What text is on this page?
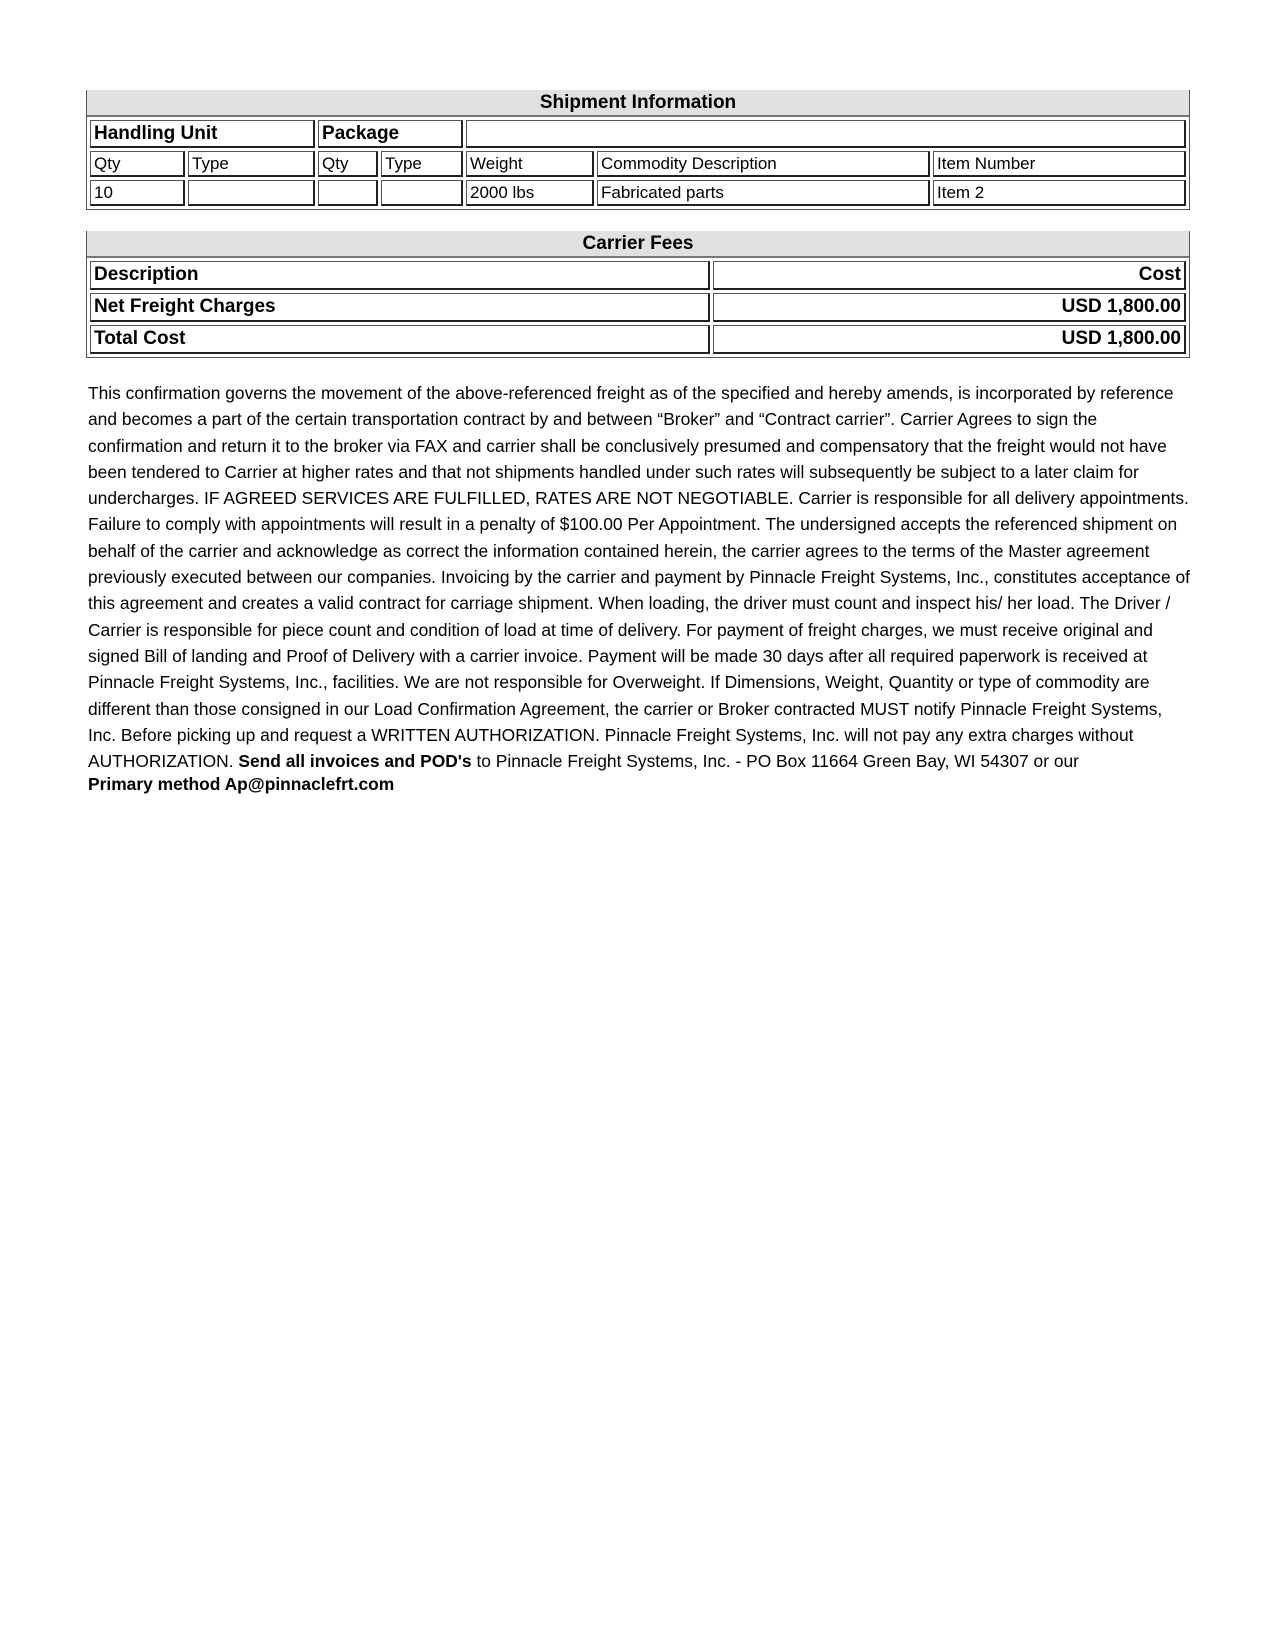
Shipment Information
Handling Unit		Package				
Qty	Type	Qty	Type	Weight	Commodity Description	Item Number
10				2000 lbs	Fabricated parts	Item 2
Carrier Fees
Description	Cost
Net Freight Charges	USD 1,800.00
Total Cost	USD 1,800.00
This confirmation governs the movement of the above-referenced freight as of the specified and hereby amends, is incorporated by reference and becomes a part of the certain transportation contract by and between “Broker” and “Contract carrier”. Carrier Agrees to sign the confirmation and return it to the broker via FAX and carrier shall be conclusively presumed and compensatory that the freight would not have been tendered to Carrier at higher rates and that not shipments handled under such rates will subsequently be subject to a later claim for undercharges. IF AGREED SERVICES ARE FULFILLED, RATES ARE NOT NEGOTIABLE. Carrier is responsible for all delivery appointments. Failure to comply with appointments will result in a penalty of $100.00 Per Appointment. The undersigned accepts the referenced shipment on behalf of the carrier and acknowledge as correct the information contained herein, the carrier agrees to the terms of the Master agreement previously executed between our companies. Invoicing by the carrier and payment by Pinnacle Freight Systems, Inc., constitutes acceptance of this agreement and creates a valid contract for carriage shipment. When loading, the driver must count and inspect his/ her load. The Driver / Carrier is responsible for piece count and condition of load at time of delivery. For payment of freight charges, we must receive original and signed Bill of landing and Proof of Delivery with a carrier invoice. Payment will be made 30 days after all required paperwork is received at Pinnacle Freight Systems, Inc., facilities. We are not responsible for Overweight. If Dimensions, Weight, Quantity or type of commodity are different than those consigned in our Load Confirmation Agreement, the carrier or Broker contracted MUST notify Pinnacle Freight Systems, Inc. Before picking up and request a WRITTEN AUTHORIZATION. Pinnacle Freight Systems, Inc. will not pay any extra charges without AUTHORIZATION. Send all invoices and POD's to Pinnacle Freight Systems, Inc. - PO Box 11664 Green Bay, WI 54307 or our
Primary method Ap@pinnaclefrt.com
